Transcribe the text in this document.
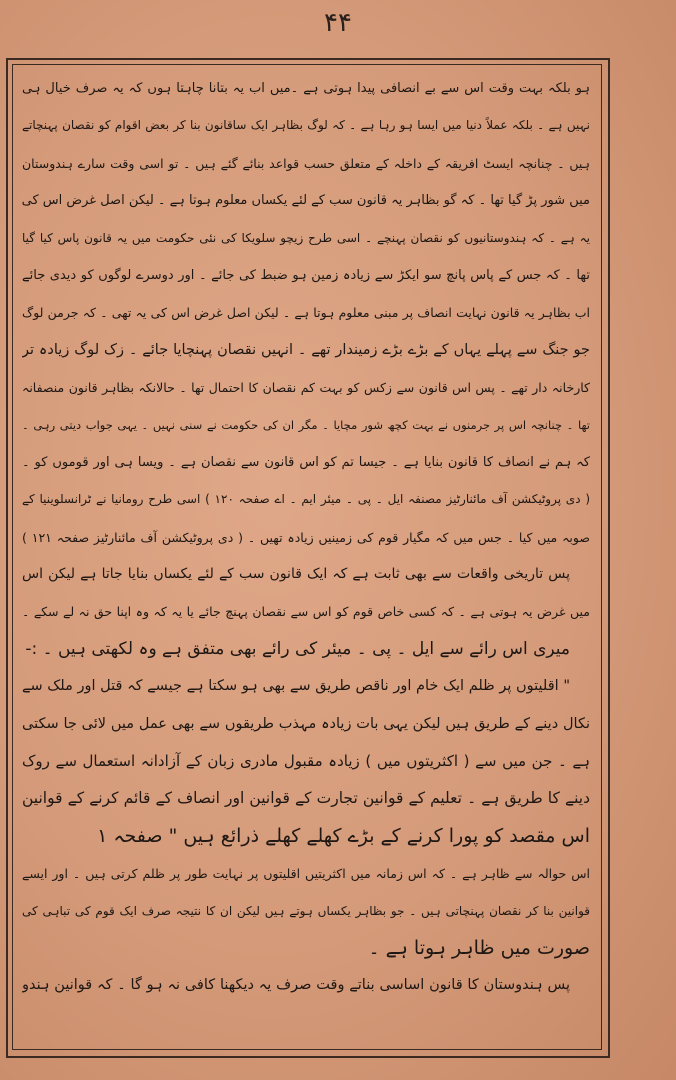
۴۴
ہو بلکہ بہت وقت اس سے بے انصافی پیدا ہوتی ہے ۔میں اب یہ بتانا چاہتا ہوں کہ یہ صرف خیال ہی
نہیں ہے ۔ بلکہ عملاً دنیا میں ایسا ہو رہا ہے ۔ کہ لوگ بظاہر ایک ساقانون بنا کر بعض اقوام کو نقصان پہنچاتے
ہیں ۔ چنانچہ ایسٹ افریقہ کے داخلہ کے متعلق حسب قواعد بنائے گئے ہیں ۔ تو اسی وقت سارے ہندوستان
میں شور پڑ گیا تھا ۔ کہ گو بظاہر یہ قانون سب کے لئے یکساں معلوم ہوتا ہے ۔ لیکن اصل غرض اس کی
یہ ہے ۔ کہ ہندوستانیوں کو نقصان پہنچے ۔ اسی طرح زیچو سلویکا کی نئی حکومت میں یہ قانون پاس کیا گیا
تھا ۔ کہ جس کے پاس پانچ سو ایکڑ سے زیادہ زمین ہو ضبط کی جائے ۔ اور دوسرے لوگوں کو دیدی جائے
اب بظاہر یہ قانون نہایت انصاف پر مبنی معلوم ہوتا ہے ۔ لیکن اصل غرض اس کی یہ تھی ۔ کہ جرمن لوگ
جو جنگ سے پہلے یہاں کے بڑے بڑے زمیندار تھے ۔ انہیں نقصان پہنچایا جائے ۔ زک لوگ زیادہ تر
کارخانہ دار تھے ۔ پس اس قانون سے زکس کو بہت کم نقصان کا احتمال تھا ۔ حالانکہ بظاہر قانون منصفانہ
تھا ۔ چنانچہ اس پر جرمنوں نے بہت کچھ شور مچایا ۔ مگر ان کی حکومت نے سنی نہیں ۔ یہی جواب دیتی رہی ۔
کہ ہم نے انصاف کا قانون بنایا ہے ۔ جیسا تم کو اس قانون سے نقصان ہے ۔ ویسا ہی اور قوموں کو ۔
( دی پروٹیکشن آف مائنارٹیز مصنفہ ایل ۔ پی ۔ میئر ایم ۔ اے صفحہ ۱۲۰ ) اسی طرح رومانیا نے ٹرانسلوینیا کے
صوبہ میں کیا ۔ جس میں کہ مگیار قوم کی زمینیں زیادہ تھیں ۔ ( دی پروٹیکشن آف مائنارٹیز صفحہ ۱۲۱ )
پس تاریخی واقعات سے بھی ثابت ہے کہ ایک قانون سب کے لئے یکساں بنایا جاتا ہے لیکن اس
میں غرض یہ ہوتی ہے ۔ کہ کسی خاص قوم کو اس سے نقصان پہنچ جائے یا یہ کہ وہ اپنا حق نہ لے سکے ۔
میری اس رائے سے ایل ۔ پی ۔ میئر کی رائے بھی متفق ہے وہ لکھتی ہیں ۔ :-
" اقلیتوں پر ظلم ایک خام اور ناقص طریق سے بھی ہو سکتا ہے جیسے کہ قتل اور ملک سے
نکال دینے کے طریق ہیں لیکن یہی بات زیادہ مہذب طریقوں سے بھی عمل میں لائی جا سکتی
ہے ۔ جن میں سے ( اکثریتوں میں ) زیادہ مقبول مادری زبان کے آزادانہ استعمال سے روک
دینے کا طریق ہے ۔ تعلیم کے قوانین تجارت کے قوانین اور انصاف کے قائم کرنے کے قوانین
اس مقصد کو پورا کرنے کے بڑے کھلے کھلے ذرائع ہیں " صفحہ ۱
اس حوالہ سے ظاہر ہے ۔ کہ اس زمانہ میں اکثریتیں اقلیتوں پر نہایت طور پر ظلم کرتی ہیں ۔ اور ایسے
قوانین بنا کر نقصان پہنچاتی ہیں ۔ جو بظاہر یکساں ہوتے ہیں لیکن ان کا نتیجہ صرف ایک قوم کی تباہی کی
صورت میں ظاہر ہوتا ہے ۔
پس ہندوستان کا قانون اساسی بناتے وقت صرف یہ دیکھنا کافی نہ ہو گا ۔ کہ قوانین ہندو
